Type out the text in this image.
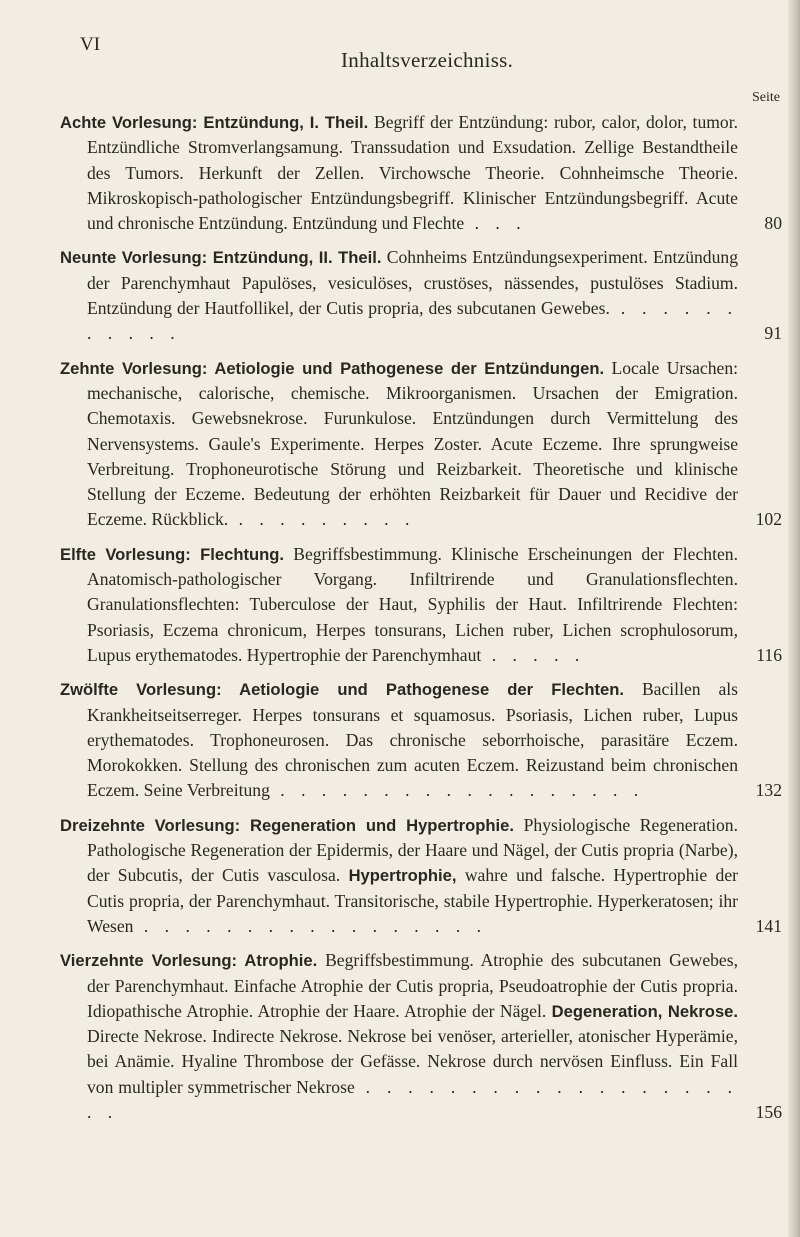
VI
Inhaltsverzeichniss.
Seite
Achte Vorlesung: Entzündung, I. Theil. Begriff der Entzündung: rubor, calor, dolor, tumor. Entzündliche Stromverlangsamung. Transsudation und Exsudation. Zellige Bestandtheile des Tumors. Herkunft der Zellen. Virchowsche Theorie. Cohnheimsche Theorie. Mikroskopisch-pathologischer Entzündungsbegriff. Klinischer Entzündungsbegriff. Acute und chronische Entzündung. Entzündung und Flechte . . .	80
Neunte Vorlesung: Entzündung, II. Theil. Cohnheims Entzündungsexperiment. Entzündung der Parenchymhaut Papulöses, vesiculöses, crustöses, nässendes, pustulöses Stadium. Entzündung der Hautfollikel, der Cutis propria, des subcutanen Gewebes. . . . . . . . . . . .	91
Zehnte Vorlesung: Aetiologie und Pathogenese der Entzündungen. Locale Ursachen: mechanische, calorische, chemische. Mikroorganismen. Ursachen der Emigration. Chemotaxis. Gewebsnekrose. Furunkulose. Entzündungen durch Vermittelung des Nervensystems. Gaule's Experimente. Herpes Zoster. Acute Eczeme. Ihre sprungweise Verbreitung. Trophoneurotische Störung und Reizbarkeit. Theoretische und klinische Stellung der Eczeme. Bedeutung der erhöhten Reizbarkeit für Dauer und Recidive der Eczeme. Rückblick. . . . . . . . . .	102
Elfte Vorlesung: Flechtung. Begriffsbestimmung. Klinische Erscheinungen der Flechten. Anatomisch-pathologischer Vorgang. Infiltrirende und Granulationsflechten. Granulationsflechten: Tuberculose der Haut, Syphilis der Haut. Infiltrirende Flechten: Psoriasis, Eczema chronicum, Herpes tonsurans, Lichen ruber, Lichen scrophulosorum, Lupus erythematodes. Hypertrophie der Parenchymhaut . . . . .	116
Zwölfte Vorlesung: Aetiologie und Pathogenese der Flechten. Bacillen als Krankheitseitserreger. Herpes tonsurans et squamosus. Psoriasis, Lichen ruber, Lupus erythematodes. Trophoneurosen. Das chronische seborrhoische, parasitäre Eczem. Morokokken. Stellung des chronischen zum acuten Eczem. Reizustand beim chronischen Eczem. Seine Verbreitung . . . . . . . . . . . . . . . . . .	132
Dreizehnte Vorlesung: Regeneration und Hypertrophie. Physiologische Regeneration. Pathologische Regeneration der Epidermis, der Haare und Nägel, der Cutis propria (Narbe), der Subcutis, der Cutis vasculosa. Hypertrophie, wahre und falsche. Hypertrophie der Cutis propria, der Parenchymhaut. Transitorische, stabile Hypertrophie. Hyperkeratosen; ihr Wesen . . . . . . . . . . . . . . . . .	141
Vierzehnte Vorlesung: Atrophie. Begriffsbestimmung. Atrophie des subcutanen Gewebes, der Parenchymhaut. Einfache Atrophie der Cutis propria, Pseudoatrophie der Cutis propria. Idiopathische Atrophie. Atrophie der Haare. Atrophie der Nägel. Degeneration, Nekrose. Directe Nekrose. Indirecte Nekrose. Nekrose bei venöser, arterieller, atonischer Hyperämie, bei Anämie. Hyaline Thrombose der Gefässe. Nekrose durch nervösen Einfluss. Ein Fall von multipler symmetrischer Nekrose . . . . . . . . . . . . . . . . . . . .	156
